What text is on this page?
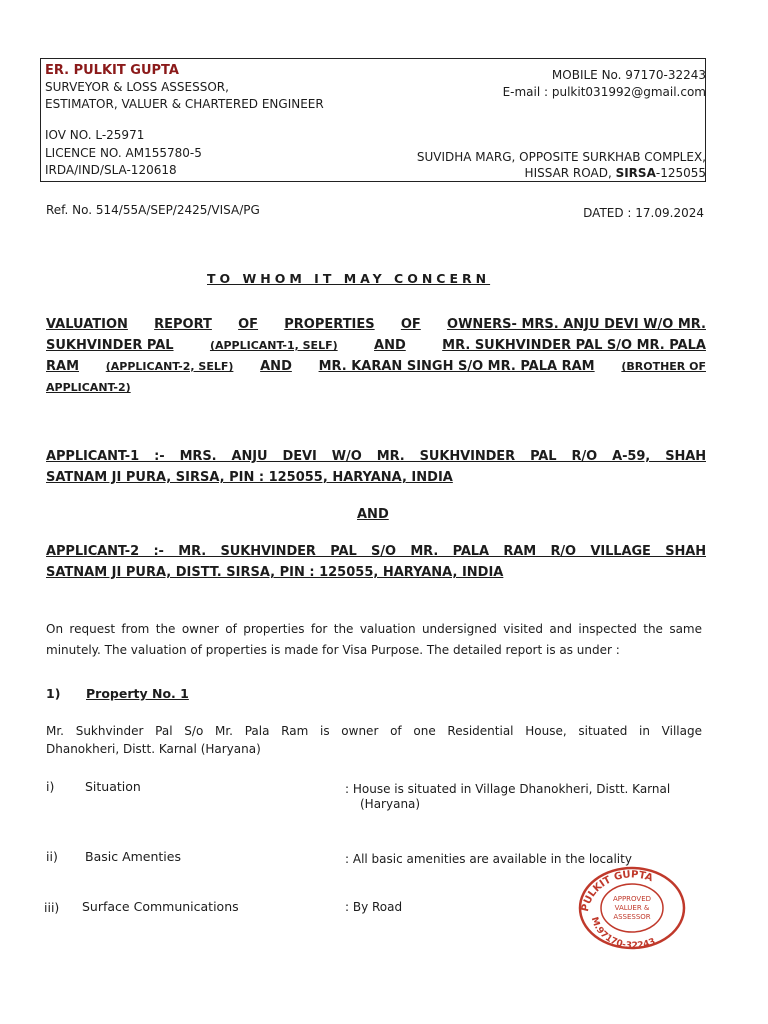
ER. PULKIT GUPTA
SURVEYOR & LOSS ASSESSOR,
ESTIMATOR, VALUER & CHARTERED ENGINEER
IOV NO. L-25971
LICENCE NO. AM155780-5
IRDA/IND/SLA-120618
MOBILE No. 97170-32243
E-mail : pulkit031992@gmail.com
SUVIDHA MARG, OPPOSITE SURKHAB COMPLEX,
HISSAR ROAD, SIRSA-125055
Ref. No. 514/55A/SEP/2425/VISA/PG	DATED : 17.09.2024
TO WHOM IT MAY CONCERN
VALUATION REPORT OF PROPERTIES OF OWNERS- MRS. ANJU DEVI W/O MR.
SUKHVINDER PAL	(APPLICANT-1, SELF)	AND	MR. SUKHVINDER PAL S/O MR. PALA
RAM (APPLICANT-2, SELF) AND MR. KARAN SINGH S/O MR. PALA RAM (BROTHER OF
APPLICANT-2)
APPLICANT-1 :- MRS. ANJU DEVI W/O MR. SUKHVINDER PAL R/O A-59, SHAH
SATNAM JI PURA, SIRSA, PIN : 125055, HARYANA, INDIA
AND
APPLICANT-2 :- MR. SUKHVINDER PAL S/O MR. PALA RAM R/O VILLAGE SHAH
SATNAM JI PURA, DISTT. SIRSA, PIN : 125055, HARYANA, INDIA
On request from the owner of properties for the valuation undersigned visited and inspected the same
minutely. The valuation of properties is made for Visa Purpose. The detailed report is as under :
1) Property No. 1
Mr. Sukhvinder Pal S/o Mr. Pala Ram is owner of one Residential House, situated in Village
Dhanokheri, Distt. Karnal (Haryana)
i) Situation	: House is situated in Village Dhanokheri, Distt. Karnal
(Haryana)
ii) Basic Amenties	: All basic amenities are available in the locality
iii) Surface Communications	: By Road	PULKIT GUPTA
M.97170-32243
APPROVED
VALUER &
ASSESSOR
